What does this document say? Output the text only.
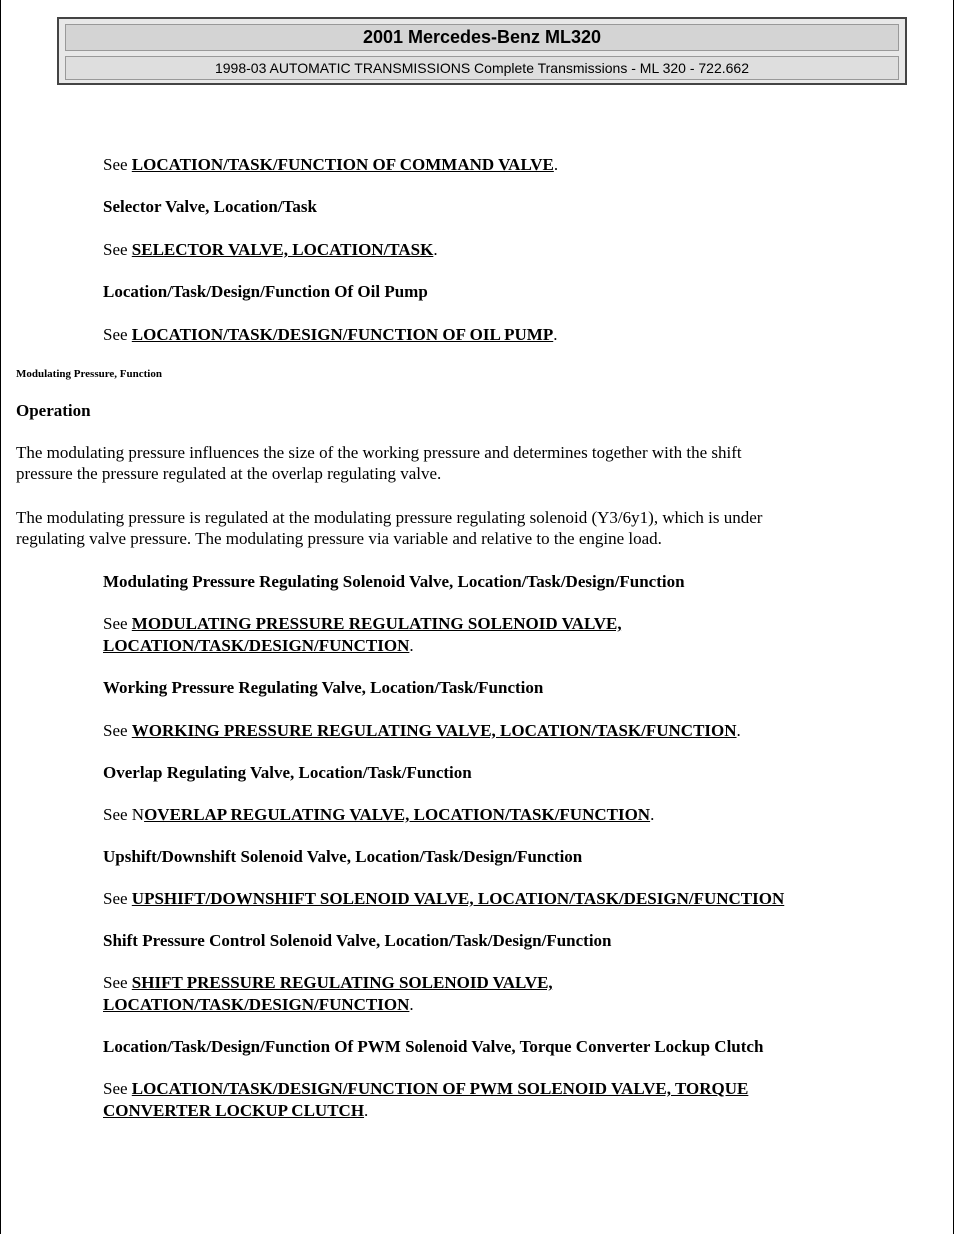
2001 Mercedes-Benz ML320
1998-03 AUTOMATIC TRANSMISSIONS Complete Transmissions - ML 320 - 722.662
See LOCATION/TASK/FUNCTION OF COMMAND VALVE.
Selector Valve, Location/Task
See SELECTOR VALVE, LOCATION/TASK.
Location/Task/Design/Function Of Oil Pump
See LOCATION/TASK/DESIGN/FUNCTION OF OIL PUMP.
Modulating Pressure, Function
Operation
The modulating pressure influences the size of the working pressure and determines together with the shift
pressure the pressure regulated at the overlap regulating valve.
The modulating pressure is regulated at the modulating pressure regulating solenoid (Y3/6y1), which is under
regulating valve pressure. The modulating pressure via variable and relative to the engine load.
Modulating Pressure Regulating Solenoid Valve, Location/Task/Design/Function
See MODULATING PRESSURE REGULATING SOLENOID VALVE,
LOCATION/TASK/DESIGN/FUNCTION.
Working Pressure Regulating Valve, Location/Task/Function
See WORKING PRESSURE REGULATING VALVE, LOCATION/TASK/FUNCTION.
Overlap Regulating Valve, Location/Task/Function
See NOVERLAP REGULATING VALVE, LOCATION/TASK/FUNCTION.
Upshift/Downshift Solenoid Valve, Location/Task/Design/Function
See UPSHIFT/DOWNSHIFT SOLENOID VALVE, LOCATION/TASK/DESIGN/FUNCTION
Shift Pressure Control Solenoid Valve, Location/Task/Design/Function
See SHIFT PRESSURE REGULATING SOLENOID VALVE,
LOCATION/TASK/DESIGN/FUNCTION.
Location/Task/Design/Function Of PWM Solenoid Valve, Torque Converter Lockup Clutch
See LOCATION/TASK/DESIGN/FUNCTION OF PWM SOLENOID VALVE, TORQUE
CONVERTER LOCKUP CLUTCH.
